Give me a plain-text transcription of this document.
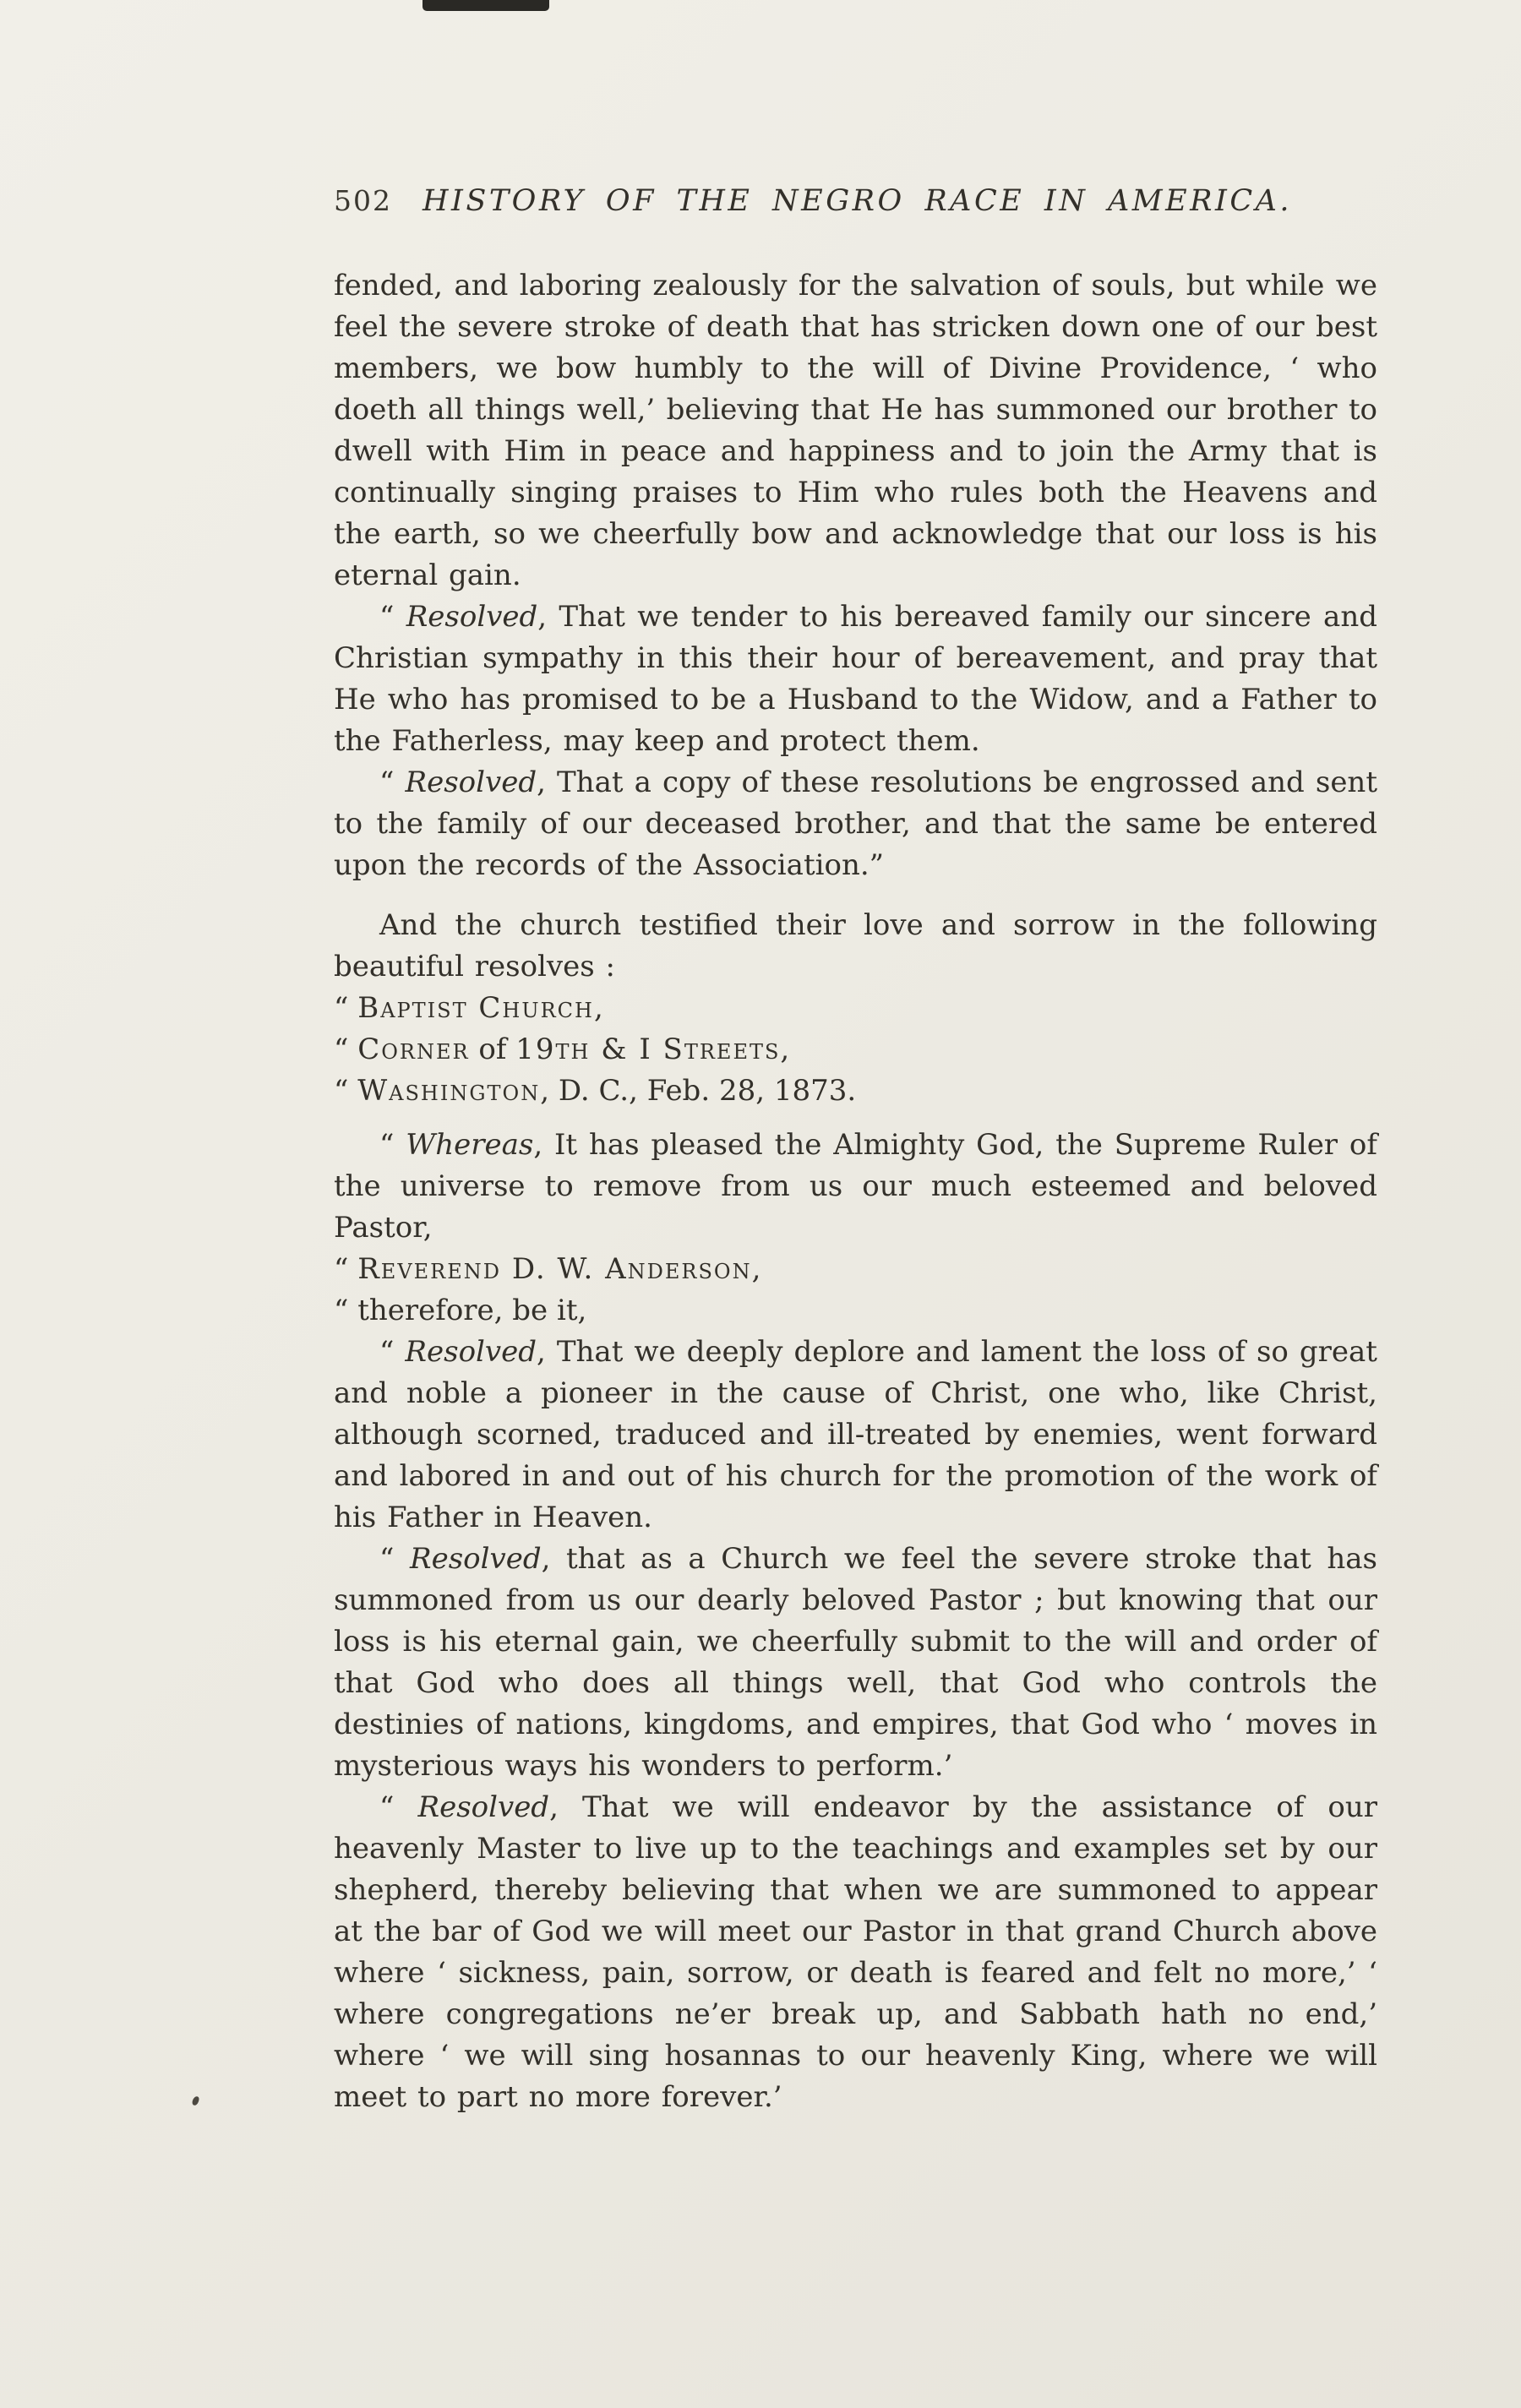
502 HISTORY OF THE NEGRO RACE IN AMERICA.

fended, and laboring zealously for the salvation of souls, but while we feel the severe stroke of death that has stricken down one of our best members, we bow humbly to the will of Divine Providence, ‘ who doeth all things well,’ believing that He has summoned our brother to dwell with Him in peace and happiness and to join the Army that is continually singing praises to Him who rules both the Heavens and the earth, so we cheerfully bow and acknowledge that our loss is his eternal gain.

“ Resolved, That we tender to his bereaved family our sincere and Christian sympathy in this their hour of bereavement, and pray that He who has promised to be a Husband to the Widow, and a Father to the Fatherless, may keep and protect them.

“ Resolved, That a copy of these resolutions be engrossed and sent to the family of our deceased brother, and that the same be entered upon the records of the Association.”

And the church testified their love and sorrow in the following beautiful resolves :

“ Baptist Church,

“ Corner of 19th & I Streets,

“ Washington, D. C., Feb. 28, 1873.

“ Whereas, It has pleased the Almighty God, the Supreme Ruler of the universe to remove from us our much esteemed and beloved Pastor,

“ Reverend D. W. Anderson,

“ therefore, be it,

“ Resolved, That we deeply deplore and lament the loss of so great and noble a pioneer in the cause of Christ, one who, like Christ, although scorned, traduced and ill-treated by enemies, went forward and labored in and out of his church for the promotion of the work of his Father in Heaven.

“ Resolved, that as a Church we feel the severe stroke that has summoned from us our dearly beloved Pastor ; but knowing that our loss is his eternal gain, we cheerfully submit to the will and order of that God who does all things well, that God who controls the destinies of nations, kingdoms, and empires, that God who ‘ moves in mysterious ways his wonders to perform.’

“ Resolved, That we will endeavor by the assistance of our heavenly Master to live up to the teachings and examples set by our shepherd, thereby believing that when we are summoned to appear at the bar of God we will meet our Pastor in that grand Church above where ‘ sickness, pain, sorrow, or death is feared and felt no more,’ ‘ where congregations ne’er break up, and Sabbath hath no end,’ where ‘ we will sing hosannas to our heavenly King, where we will meet to part no more forever.’
